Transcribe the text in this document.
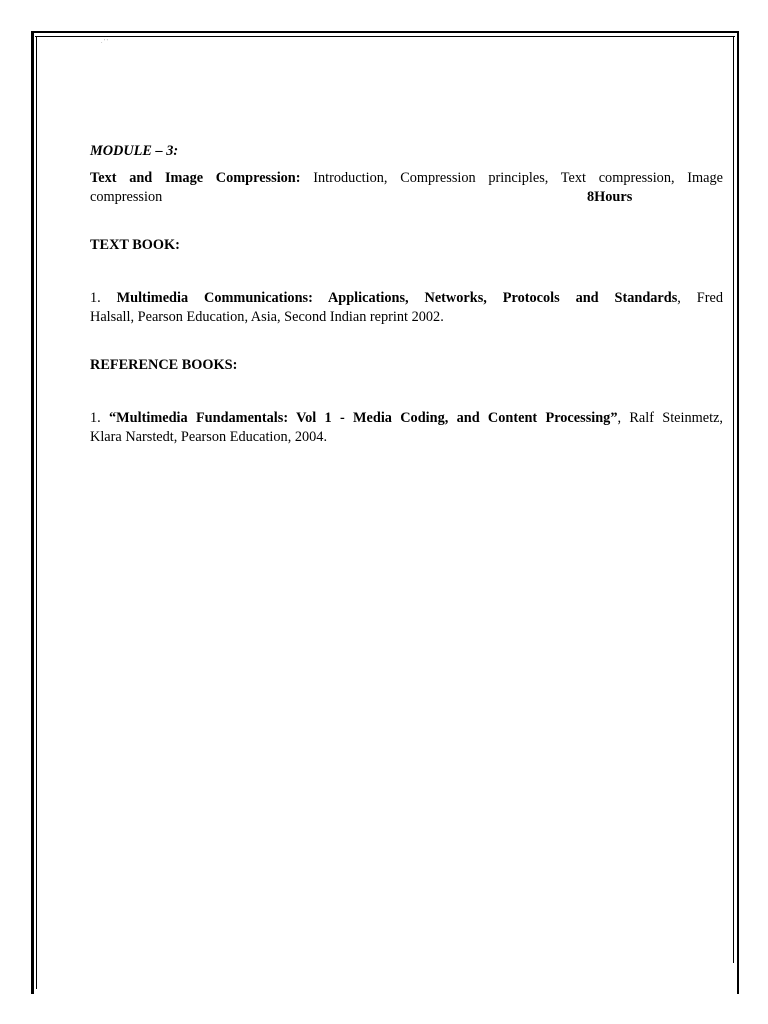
. ' '

MODULE – 3:

Text and Image Compression: Introduction, Compression principles, Text compression, Image

compression	8Hours

TEXT BOOK:

1. Multimedia Communications: Applications, Networks, Protocols and Standards, Fred

Halsall, Pearson Education, Asia, Second Indian reprint 2002.

REFERENCE BOOKS:

1. “Multimedia Fundamentals: Vol 1 - Media Coding, and Content Processing”, Ralf Steinmetz,

Klara Narstedt, Pearson Education, 2004.
